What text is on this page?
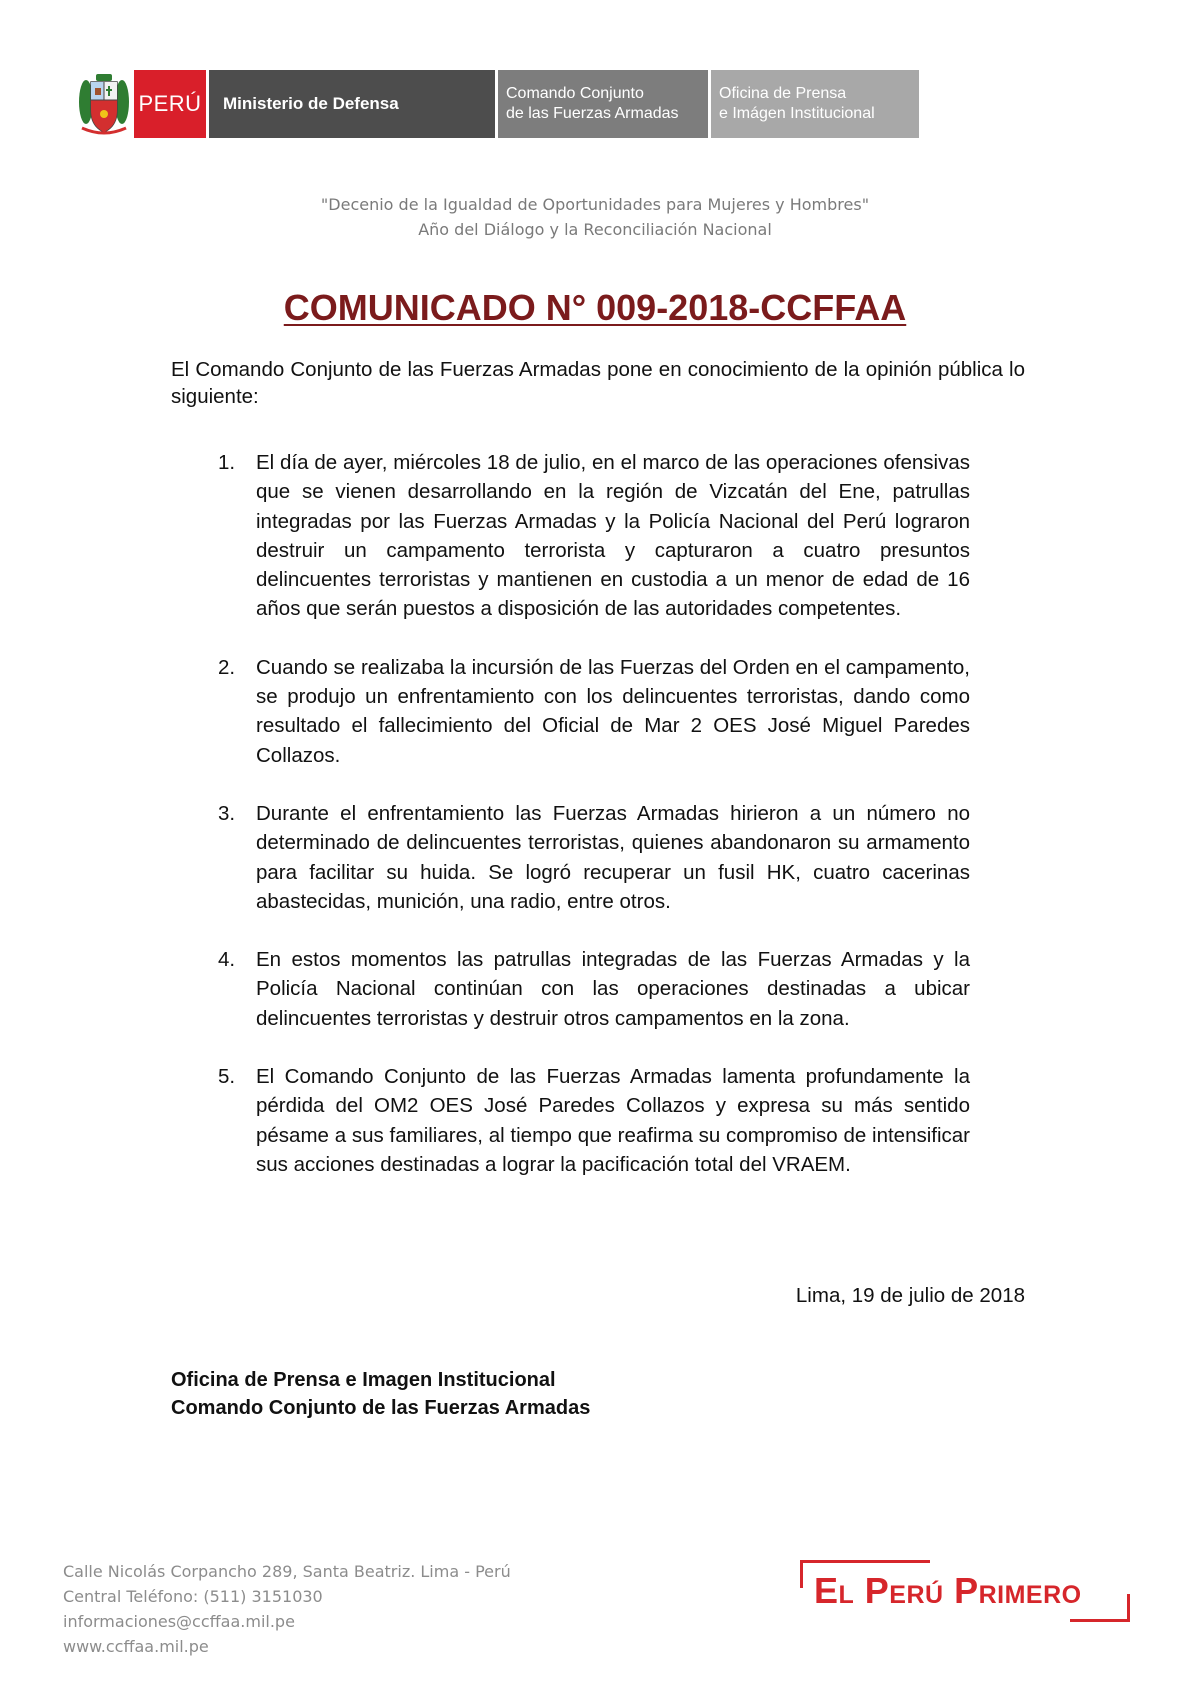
PERÚ	Ministerio de Defensa
Comando Conjunto
de las Fuerzas Armadas
Oficina de Prensa
e Imágen Institucional
"Decenio de la Igualdad de Oportunidades para Mujeres y Hombres"
Año del Diálogo y la Reconciliación Nacional
COMUNICADO N° 009-2018-CCFFAA
El Comando Conjunto de las Fuerzas Armadas pone en conocimiento de la opinión pública lo siguiente:
1. El día de ayer, miércoles 18 de julio, en el marco de las operaciones ofensivas que se vienen desarrollando en la región de Vizcatán del Ene, patrullas integradas por las Fuerzas Armadas y la Policía Nacional del Perú lograron destruir un campamento terrorista y capturaron a cuatro presuntos delincuentes terroristas y mantienen en custodia a un menor de edad de 16 años que serán puestos a disposición de las autoridades competentes.
2. Cuando se realizaba la incursión de las Fuerzas del Orden en el campamento, se produjo un enfrentamiento con los delincuentes terroristas, dando como resultado el fallecimiento del Oficial de Mar 2 OES José Miguel Paredes Collazos.
3. Durante el enfrentamiento las Fuerzas Armadas hirieron a un número no determinado de delincuentes terroristas, quienes abandonaron su armamento para facilitar su huida. Se logró recuperar un fusil HK, cuatro cacerinas abastecidas, munición, una radio, entre otros.
4. En estos momentos las patrullas integradas de las Fuerzas Armadas y la Policía Nacional continúan con las operaciones destinadas a ubicar delincuentes terroristas y destruir otros campamentos en la zona.
5. El Comando Conjunto de las Fuerzas Armadas lamenta profundamente la pérdida del OM2 OES José Paredes Collazos y expresa su más sentido pésame a sus familiares, al tiempo que reafirma su compromiso de intensificar sus acciones destinadas a lograr la pacificación total del VRAEM.
Lima, 19 de julio de 2018
Oficina de Prensa e Imagen Institucional
Comando Conjunto de las Fuerzas Armadas
Calle Nicolás Corpancho 289, Santa Beatriz. Lima - Perú
Central Teléfono: (511) 3151030
informaciones@ccffaa.mil.pe
www.ccffaa.mil.pe
El Perú Primero
